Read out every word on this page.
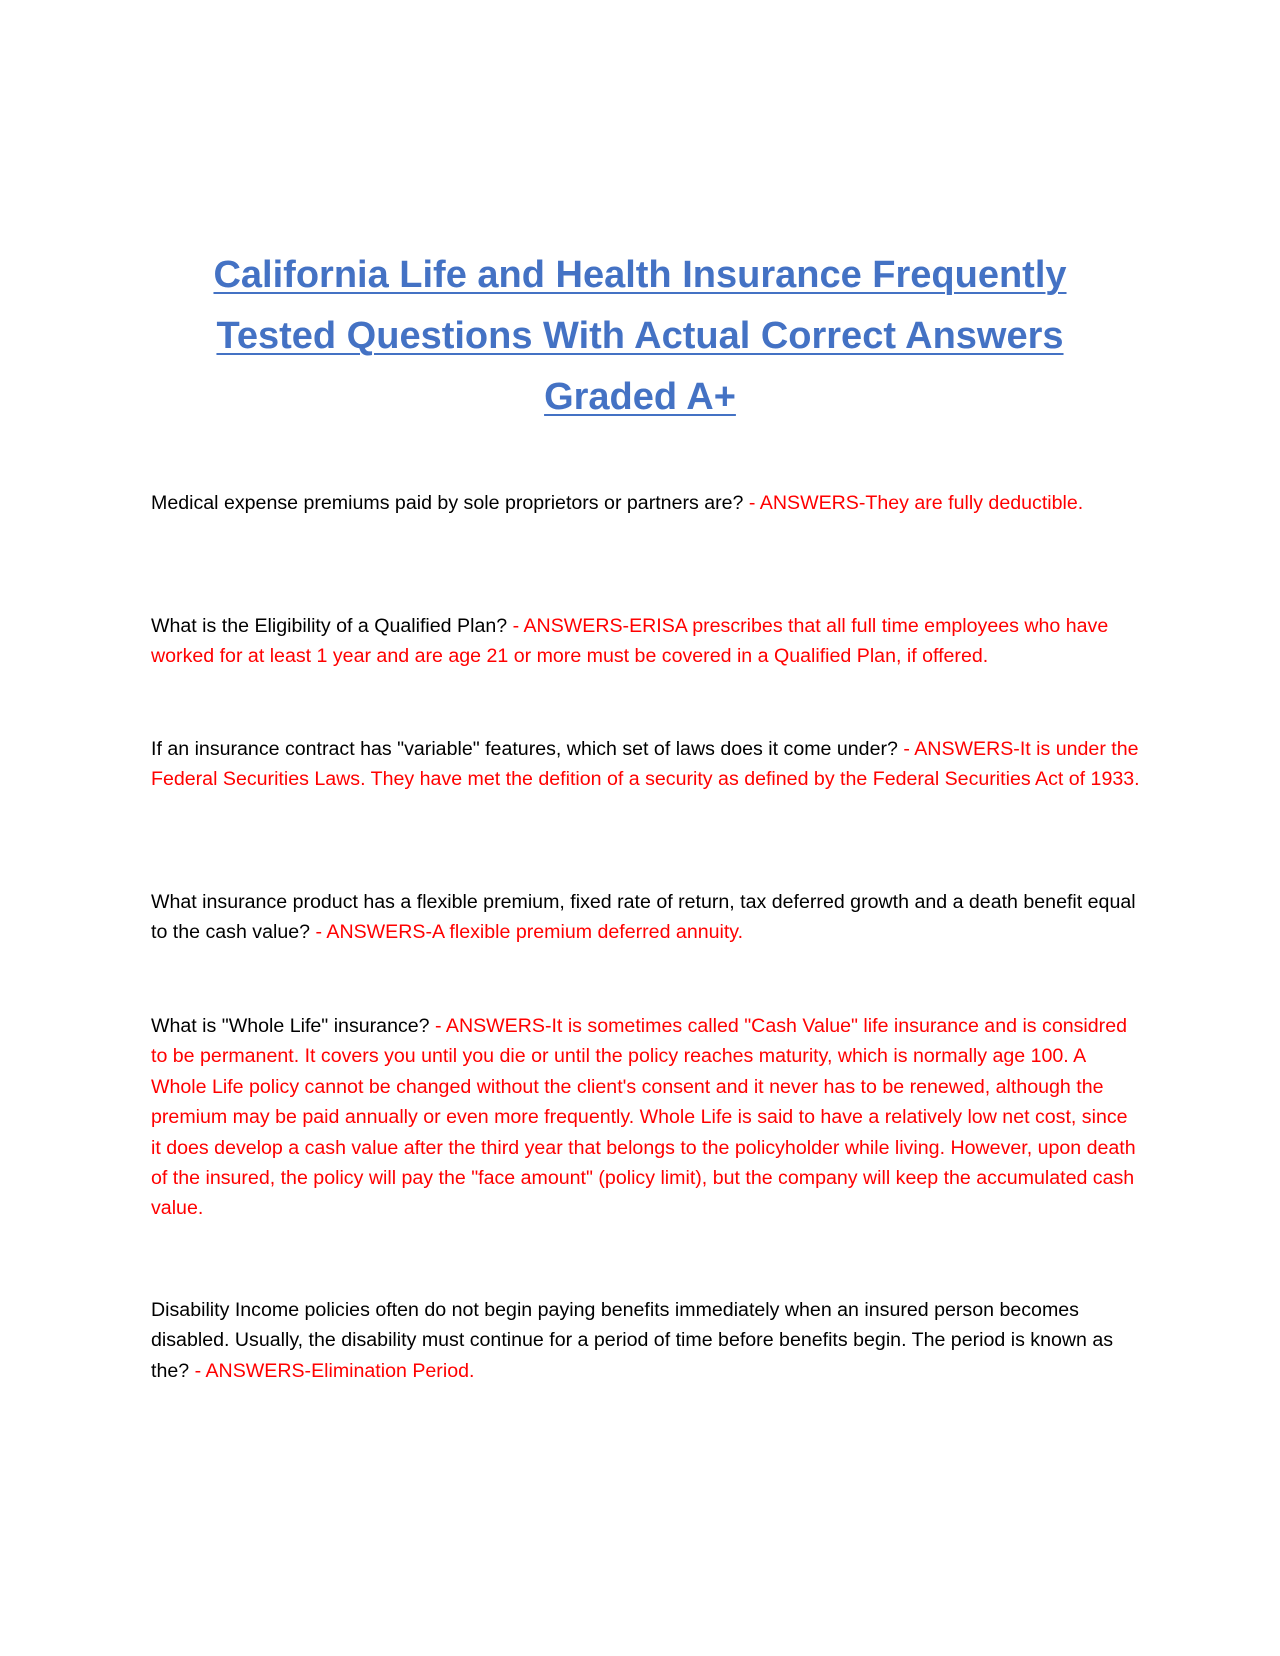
California Life and Health Insurance Frequently Tested Questions With Actual Correct Answers Graded A+

Medical expense premiums paid by sole proprietors or partners are? - ANSWERS-They are fully deductible.

What is the Eligibility of a Qualified Plan? - ANSWERS-ERISA prescribes that all full time employees who have worked for at least 1 year and are age 21 or more must be covered in a Qualified Plan, if offered.

If an insurance contract has "variable" features, which set of laws does it come under? - ANSWERS-It is under the Federal Securities Laws. They have met the defition of a security as defined by the Federal Securities Act of 1933.

What insurance product has a flexible premium, fixed rate of return, tax deferred growth and a death benefit equal to the cash value? - ANSWERS-A flexible premium deferred annuity.

What is "Whole Life" insurance? - ANSWERS-It is sometimes called "Cash Value" life insurance and is considred to be permanent. It covers you until you die or until the policy reaches maturity, which is normally age 100. A Whole Life policy cannot be changed without the client's consent and it never has to be renewed, although the premium may be paid annually or even more frequently. Whole Life is said to have a relatively low net cost, since it does develop a cash value after the third year that belongs to the policyholder while living. However, upon death of the insured, the policy will pay the "face amount" (policy limit), but the company will keep the accumulated cash value.

Disability Income policies often do not begin paying benefits immediately when an insured person becomes disabled. Usually, the disability must continue for a period of time before benefits begin. The period is known as the? - ANSWERS-Elimination Period.
